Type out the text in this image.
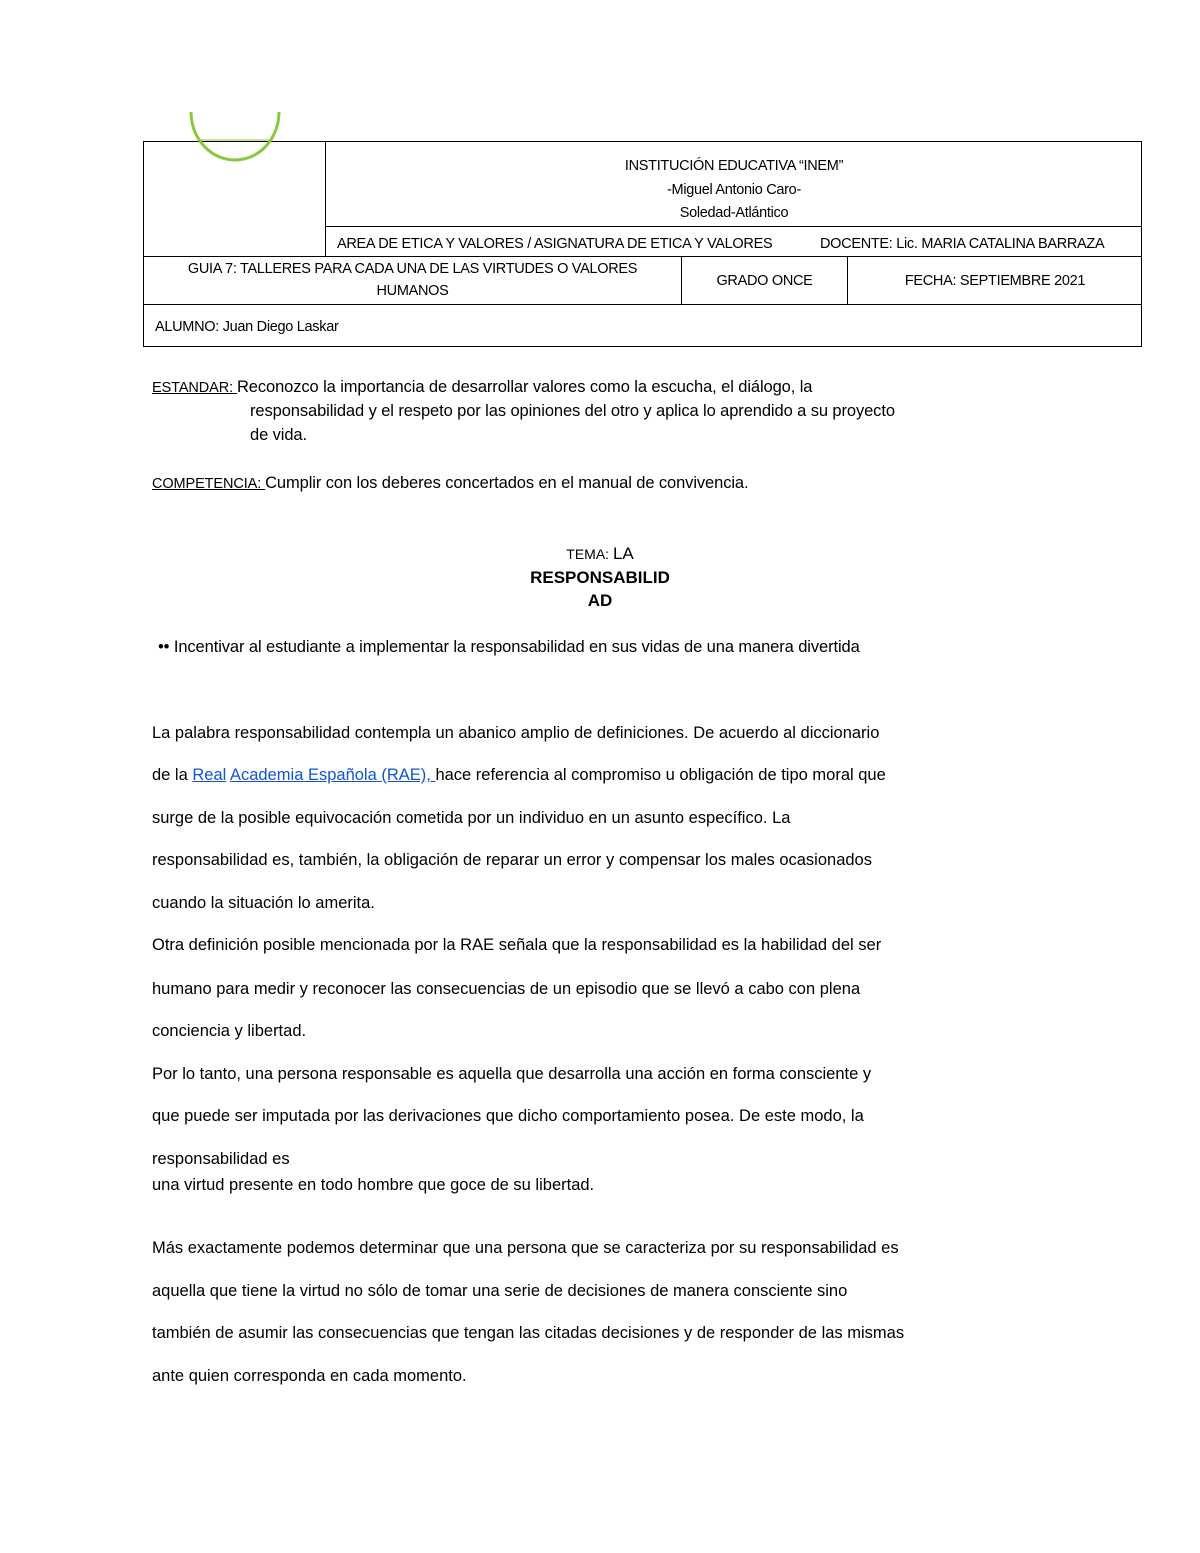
INSTITUCIÓN EDUCATIVA “INEM”
-Miguel Antonio Caro-
Soledad-Atlántico
AREA DE ETICA Y VALORES / ASIGNATURA DE ETICA Y VALORES	DOCENTE: Lic. MARIA CATALINA BARRAZA
GUIA 7: TALLERES PARA CADA UNA DE LAS VIRTUDES O VALORES
HUMANOS
GRADO ONCE	FECHA: SEPTIEMBRE 2021
ALUMNO: Juan Diego Laskar
ESTANDAR: Reconozco la importancia de desarrollar valores como la escucha, el diálogo, la
responsabilidad y el respeto por las opiniones del otro y aplica lo aprendido a su proyecto
de vida.
COMPETENCIA: Cumplir con los deberes concertados en el manual de convivencia.
TEMA: LA
RESPONSABILID
AD
•• Incentivar al estudiante a implementar la responsabilidad en sus vidas de una manera divertida
La palabra responsabilidad contempla un abanico amplio de definiciones. De acuerdo al diccionario
de la Real Academia Española (RAE), hace referencia al compromiso u obligación de tipo moral que
surge de la posible equivocación cometida por un individuo en un asunto específico. La
responsabilidad es, también, la obligación de reparar un error y compensar los males ocasionados
cuando la situación lo amerita.
Otra definición posible mencionada por la RAE señala que la responsabilidad es la habilidad del ser
humano para medir y reconocer las consecuencias de un episodio que se llevó a cabo con plena
conciencia y libertad.
Por lo tanto, una persona responsable es aquella que desarrolla una acción en forma consciente y
que puede ser imputada por las derivaciones que dicho comportamiento posea. De este modo, la
responsabilidad es
una virtud presente en todo hombre que goce de su libertad.
Más exactamente podemos determinar que una persona que se caracteriza por su responsabilidad es
aquella que tiene la virtud no sólo de tomar una serie de decisiones de manera consciente sino
también de asumir las consecuencias que tengan las citadas decisiones y de responder de las mismas
ante quien corresponda en cada momento.
